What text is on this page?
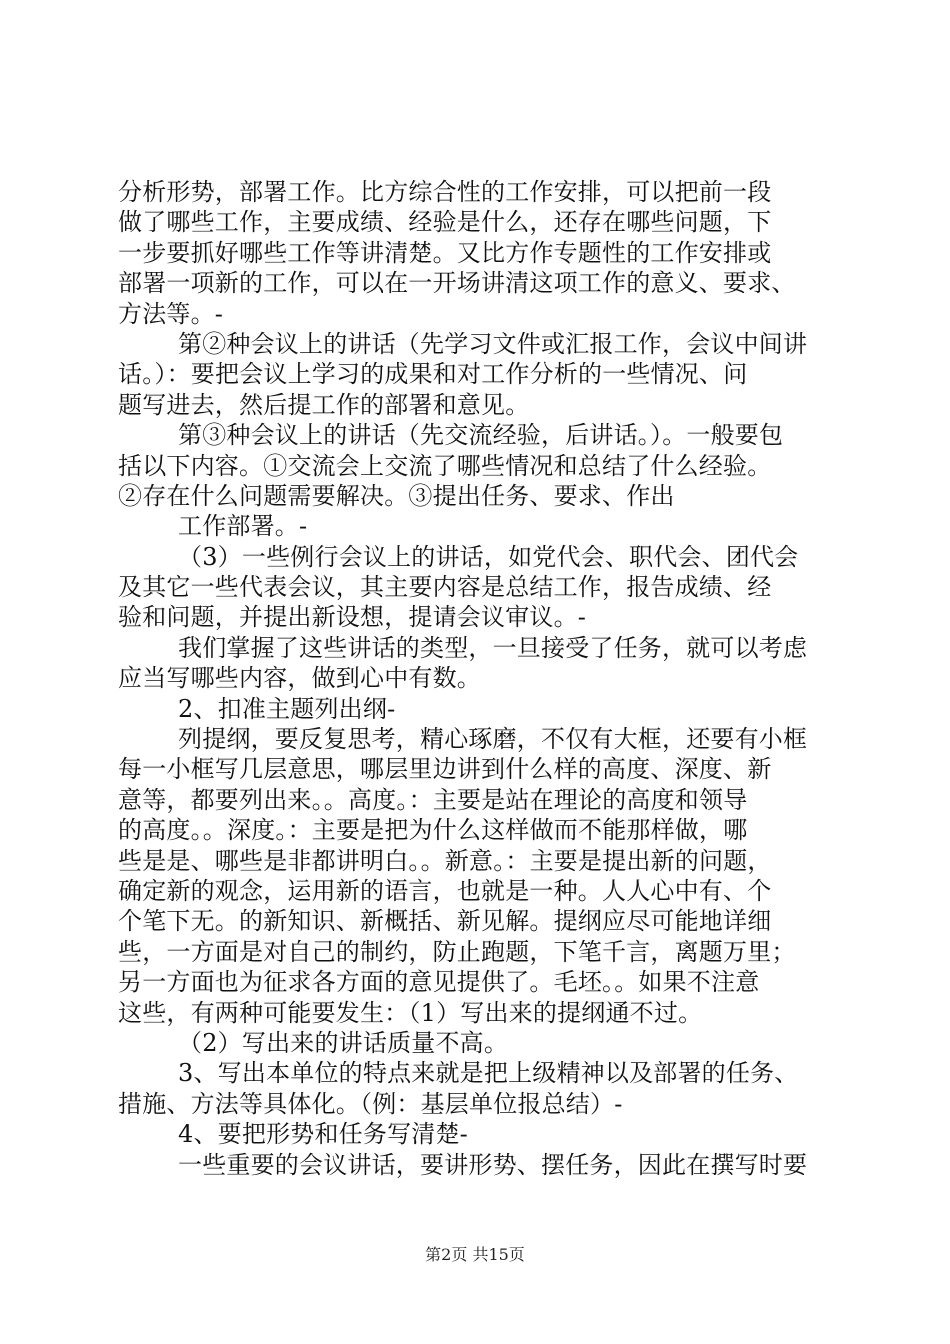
分析形势，部署工作。比方综合性的工作安排，可以把前一段
做了哪些工作，主要成绩、经验是什么，还存在哪些问题，下
一步要抓好哪些工作等讲清楚。又比方作专题性的工作安排或
部署一项新的工作，可以在一开场讲清这项工作的意义、要求、
方法等。-
第②种会议上的讲话（先学习文件或汇报工作，会议中间讲
话。）：要把会议上学习的成果和对工作分析的一些情况、问
题写进去，然后提工作的部署和意见。
第③种会议上的讲话（先交流经验，后讲话。）。一般要包
括以下内容。①交流会上交流了哪些情况和总结了什么经验。
②存在什么问题需要解决。③提出任务、要求、作出
工作部署。-
（3）一些例行会议上的讲话，如党代会、职代会、团代会
及其它一些代表会议，其主要内容是总结工作，报告成绩、经
验和问题，并提出新设想，提请会议审议。-
我们掌握了这些讲话的类型，一旦接受了任务，就可以考虑
应当写哪些内容，做到心中有数。
2、扣准主题列出纲-
列提纲，要反复思考，精心琢磨，不仅有大框，还要有小框
每一小框写几层意思，哪层里边讲到什么样的高度、深度、新
意等，都要列出来。。高度。：主要是站在理论的高度和领导
的高度。。深度。：主要是把为什么这样做而不能那样做，哪
些是是、哪些是非都讲明白。。新意。：主要是提出新的问题，
确定新的观念，运用新的语言，也就是一种。人人心中有、个
个笔下无。的新知识、新概括、新见解。提纲应尽可能地详细
些，一方面是对自己的制约，防止跑题，下笔千言，离题万里；
另一方面也为征求各方面的意见提供了。毛坯。。如果不注意
这些，有两种可能要发生：（1）写出来的提纲通不过。
（2）写出来的讲话质量不高。
3、写出本单位的特点来就是把上级精神以及部署的任务、
措施、方法等具体化。（例：基层单位报总结）-
4、要把形势和任务写清楚-
一些重要的会议讲话，要讲形势、摆任务，因此在撰写时要
第2页 共15页
